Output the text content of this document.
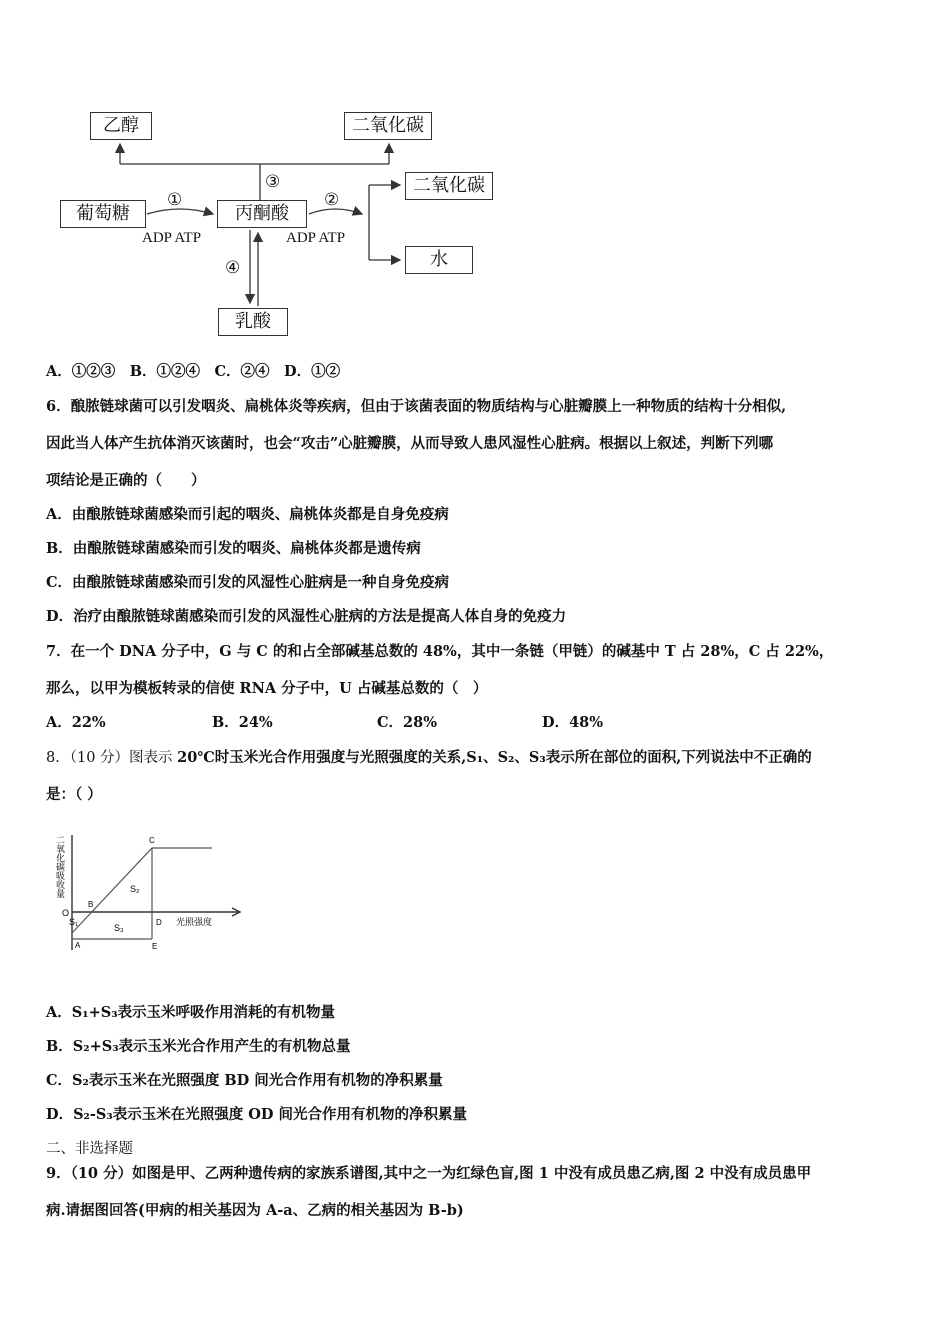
乙醇	二氧化碳
葡萄糖	丙酮酸
二氧化碳
水
乳酸
①	②
③
④
ADP ATP	ADP ATP
A．①②③　B．①②④　C．②④　D．①②
6．酿脓链球菌可以引发咽炎、扁桃体炎等疾病，但由于该菌表面的物质结构与心脏瓣膜上一种物质的结构十分相似,
因此当人体产生抗体消灭该菌时，也会“攻击”心脏瓣膜，从而导致人患风湿性心脏病。根据以上叙述，判断下列哪
项结论是正确的（　　）
A．由酿脓链球菌感染而引起的咽炎、扁桃体炎都是自身免疫病
B．由酿脓链球菌感染而引发的咽炎、扁桃体炎都是遗传病
C．由酿脓链球菌感染而引发的风湿性心脏病是一种自身免疫病
D．治疗由酿脓链球菌感染而引发的风湿性心脏病的方法是提高人体自身的免疫力
7．在一个 DNA 分子中，G 与 C 的和占全部碱基总数的 48%，其中一条链（甲链）的碱基中 T 占 28%，C 占 22%，
那么，以甲为模板转录的信使 RNA 分子中，U 占碱基总数的（　）
A．22%	B．24%	C．28%	D．48%
8．（10 分）图表示 20℃时玉米光合作用强度与光照强度的关系,S₁、S₂、S₃表示所在部位的面积,下列说法中不正确的
是：（ ）
二氧化碳吸收量
光照强度
O
A
B
C
D
E
S₁
S₂
S₃
A．S₁+S₃表示玉米呼吸作用消耗的有机物量
B．S₂+S₃表示玉米光合作用产生的有机物总量
C．S₂表示玉米在光照强度 BD 间光合作用有机物的净积累量
D．S₂-S₃表示玉米在光照强度 OD 间光合作用有机物的净积累量
二、非选择题
9．（10 分）如图是甲、乙两种遗传病的家族系谱图,其中之一为红绿色盲,图 1 中没有成员患乙病,图 2 中没有成员患甲
病.请据图回答(甲病的相关基因为 A-a、乙病的相关基因为 B-b)
